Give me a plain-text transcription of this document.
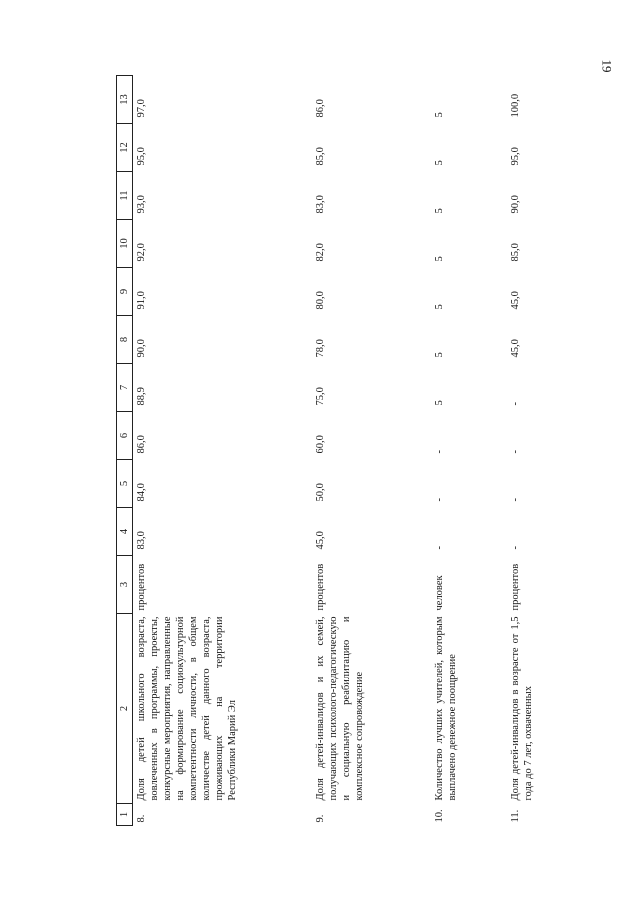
19
1	2	3	4	5	6	7	8	9	10	11	12	13
8.	Доля детей школьного возраста, вовлеченных в программы, проекты, конкурсные мероприятия, направленные на формирование социокультурной компетентности личности, в общем количестве детей данного возраста, проживающих на территории Республики Марий Эл	процентов	83,0	84,0	86,0	88,9	90,0	91,0	92,0	93,0	95,0	97,0
9.	Доля детей-инвалидов и их семей, получающих психолого-педагогическую и социальную реабилитацию и комплексное сопровождение	процентов	45,0	50,0	60,0	75,0	78,0	80,0	82,0	83,0	85,0	86,0
10.	Количество лучших учителей, которым выплачено денежное поощрение	человек	-	-	-	5	5	5	5	5	5	5
11.	Доля детей-инвалидов в возрасте от 1,5 года до 7 лет, охваченных	процентов	-	-	-	-	45,0	45,0	85,0	90,0	95,0	100,0
